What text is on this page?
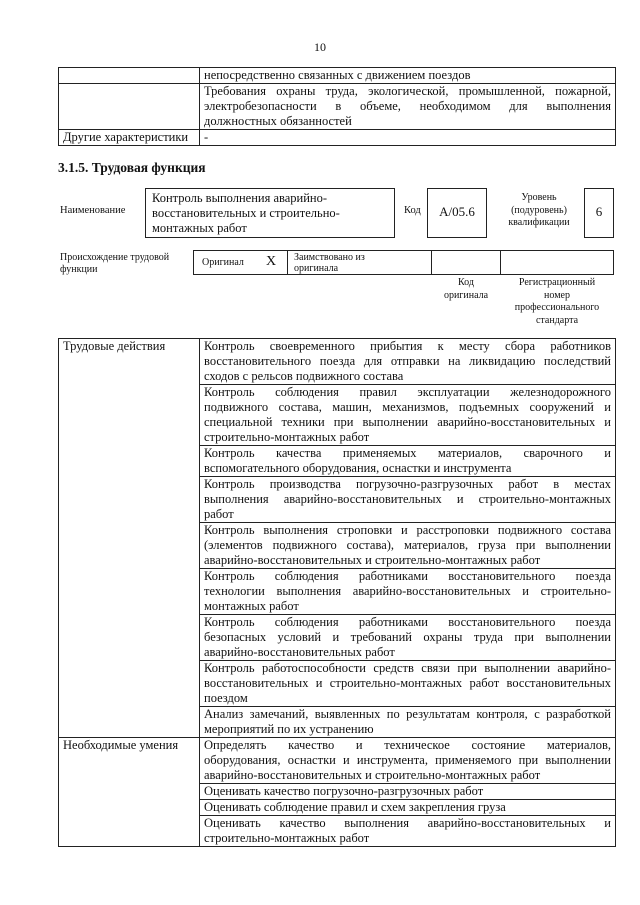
10

	непосредственно связанных с движением поездов

	Требования охраны труда, экологической, промышленной, пожарной,
электробезопасности в объеме, необходимом для выполнения
должностных обязанностей

Другие характеристики	-
3.1.5. Трудовая функция
Наименование
Контроль выполнения аварийно-
восстановительных и строительно-
монтажных работ
Код	А/05.6
Уровень
(подуровень)
квалификации
6
Происхождение трудовой
функции
Оригинал X Заимствовано из
оригинала
Код
оригинала
Регистрационный
номер
профессионального
стандарта
Трудовые действия	Контроль своевременного прибытия к месту сбора работников
восстановительного поезда для отправки на ликвидацию последствий
сходов с рельсов подвижного состава

	Контроль соблюдения правил эксплуатации железнодорожного
подвижного состава, машин, механизмов, подъемных сооружений и
специальной техники при выполнении аварийно-восстановительных и
строительно-монтажных работ

	Контроль качества применяемых материалов, сварочного и
вспомогательного оборудования, оснастки и инструмента

	Контроль производства погрузочно-разгрузочных работ в местах
выполнения аварийно-восстановительных и строительно-монтажных
работ

	Контроль выполнения строповки и расстроповки подвижного состава
(элементов подвижного состава), материалов, груза при выполнении
аварийно-восстановительных и строительно-монтажных работ

	Контроль соблюдения работниками восстановительного поезда
технологии выполнения аварийно-восстановительных и строительно-
монтажных работ

	Контроль соблюдения работниками восстановительного поезда
безопасных условий и требований охраны труда при выполнении
аварийно-восстановительных работ

	Контроль работоспособности средств связи при выполнении аварийно-
восстановительных и строительно-монтажных работ восстановительных
поездом

	Анализ замечаний, выявленных по результатам контроля, с разработкой
мероприятий по их устранению

Необходимые умения	Определять качество и техническое состояние материалов,
оборудования, оснастки и инструмента, применяемого при выполнении
аварийно-восстановительных и строительно-монтажных работ

	Оценивать качество погрузочно-разгрузочных работ

	Оценивать соблюдение правил и схем закрепления груза

	Оценивать качество выполнения аварийно-восстановительных и
строительно-монтажных работ
